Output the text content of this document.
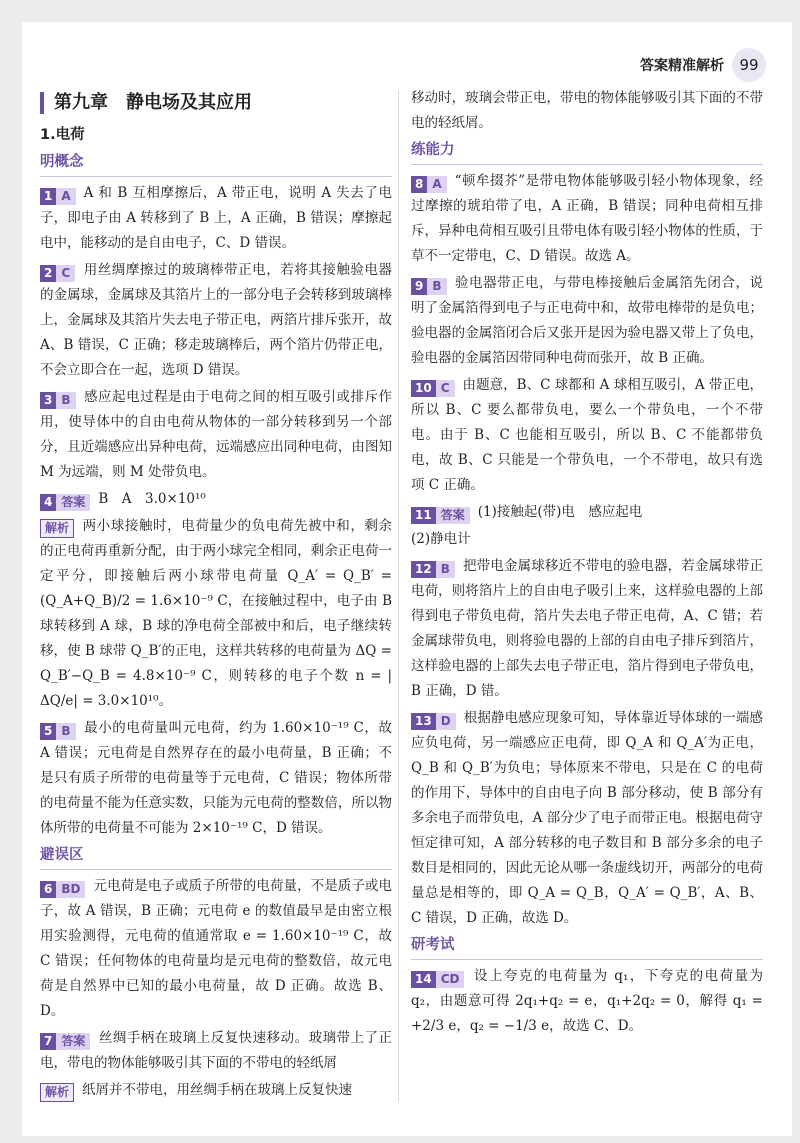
答案精准解析	99
第九章　静电场及其应用
1.电荷
明概念

1 A A 和 B 互相摩擦后，A 带正电，说明 A 失去了电子，即电子由 A 转移到了 B 上，A 正确，B 错误；摩擦起电中，能移动的是自由电子，C、D 错误。

2 C 用丝绸摩擦过的玻璃棒带正电，若将其接触验电器的金属球，金属球及其箔片上的一部分电子会转移到玻璃棒上，金属球及其箔片失去电子带正电，两箔片排斥张开，故 A、B 错误，C 正确；移走玻璃棒后，两个箔片仍带正电，不会立即合在一起，选项 D 错误。

3 B 感应起电过程是由于电荷之间的相互吸引或排斥作用，使导体中的自由电荷从物体的一部分转移到另一个部分，且近端感应出异种电荷，远端感应出同种电荷，由图知 M 为远端，则 M 处带负电。

4 答案 B　A　3.0×10¹⁰

解析 两小球接触时，电荷量少的负电荷先被中和，剩余的正电荷再重新分配，由于两小球完全相同，剩余正电荷一定平分，即接触后两小球带电荷量 Q_A′ = Q_B′ = (Q_A+Q_B)/2 = 1.6×10⁻⁹ C，在接触过程中，电子由 B 球转移到 A 球，B 球的净电荷全部被中和后，电子继续转移，使 B 球带 Q_B′的正电，这样共转移的电荷量为 ΔQ = Q_B′−Q_B = 4.8×10⁻⁹ C，则转移的电子个数 n = |ΔQ/e| = 3.0×10¹⁰。

5 B 最小的电荷量叫元电荷，约为 1.60×10⁻¹⁹ C，故 A 错误；元电荷是自然界存在的最小电荷量，B 正确；不是只有质子所带的电荷量等于元电荷，C 错误；物体所带的电荷量不能为任意实数，只能为元电荷的整数倍，所以物体所带的电荷量不可能为 2×10⁻¹⁹ C，D 错误。

避误区

6 BD 元电荷是电子或质子所带的电荷量，不是质子或电子，故 A 错误，B 正确；元电荷 e 的数值最早是由密立根用实验测得，元电荷的值通常取 e = 1.60×10⁻¹⁹ C，故 C 错误；任何物体的电荷量均是元电荷的整数倍，故元电荷是自然界中已知的最小电荷量，故 D 正确。故选 B、D。

7 答案 丝绸手柄在玻璃上反复快速移动。玻璃带上了正电，带电的物体能够吸引其下面的不带电的轻纸屑

解析 纸屑并不带电，用丝绸手柄在玻璃上反复快速

移动时，玻璃会带正电，带电的物体能够吸引其下面的不带电的轻纸屑。

练能力

8 A “顿牟掇芥”是带电物体能够吸引轻小物体现象，经过摩擦的琥珀带了电，A 正确，B 错误；同种电荷相互排斥，异种电荷相互吸引且带电体有吸引轻小物体的性质，于草不一定带电，C、D 错误。故选 A。

9 B 验电器带正电，与带电棒接触后金属箔先闭合，说明了金属箔得到电子与正电荷中和，故带电棒带的是负电；验电器的金属箔闭合后又张开是因为验电器又带上了负电，验电器的金属箔因带同种电荷而张开，故 B 正确。

10 C 由题意，B、C 球都和 A 球相互吸引，A 带正电，所以 B、C 要么都带负电，要么一个带负电，一个不带电。由于 B、C 也能相互吸引，所以 B、C 不能都带负电，故 B、C 只能是一个带负电，一个不带电，故只有选项 C 正确。

11 答案 (1)接触起(带)电　感应起电

(2)静电计

12 B 把带电金属球移近不带电的验电器，若金属球带正电荷，则将箔片上的自由电子吸引上来，这样验电器的上部得到电子带负电荷，箔片失去电子带正电荷，A、C 错；若金属球带负电，则将验电器的上部的自由电子排斥到箔片，这样验电器的上部失去电子带正电，箔片得到电子带负电，B 正确，D 错。

13 D 根据静电感应现象可知，导体靠近导体球的一端感应负电荷，另一端感应正电荷，即 Q_A 和 Q_A′为正电，Q_B 和 Q_B′为负电；导体原来不带电，只是在 C 的电荷的作用下，导体中的自由电子向 B 部分移动，使 B 部分有多余电子而带负电，A 部分少了电子而带正电。根据电荷守恒定律可知，A 部分转移的电子数目和 B 部分多余的电子数目是相同的，因此无论从哪一条虚线切开，两部分的电荷量总是相等的，即 Q_A = Q_B，Q_A′ = Q_B′，A、B、C 错误，D 正确，故选 D。

研考试

14 CD 设上夸克的电荷量为 q₁，下夸克的电荷量为 q₂，由题意可得 2q₁+q₂ = e，q₁+2q₂ = 0，解得 q₁ = +2/3 e，q₂ = −1/3 e，故选 C、D。
